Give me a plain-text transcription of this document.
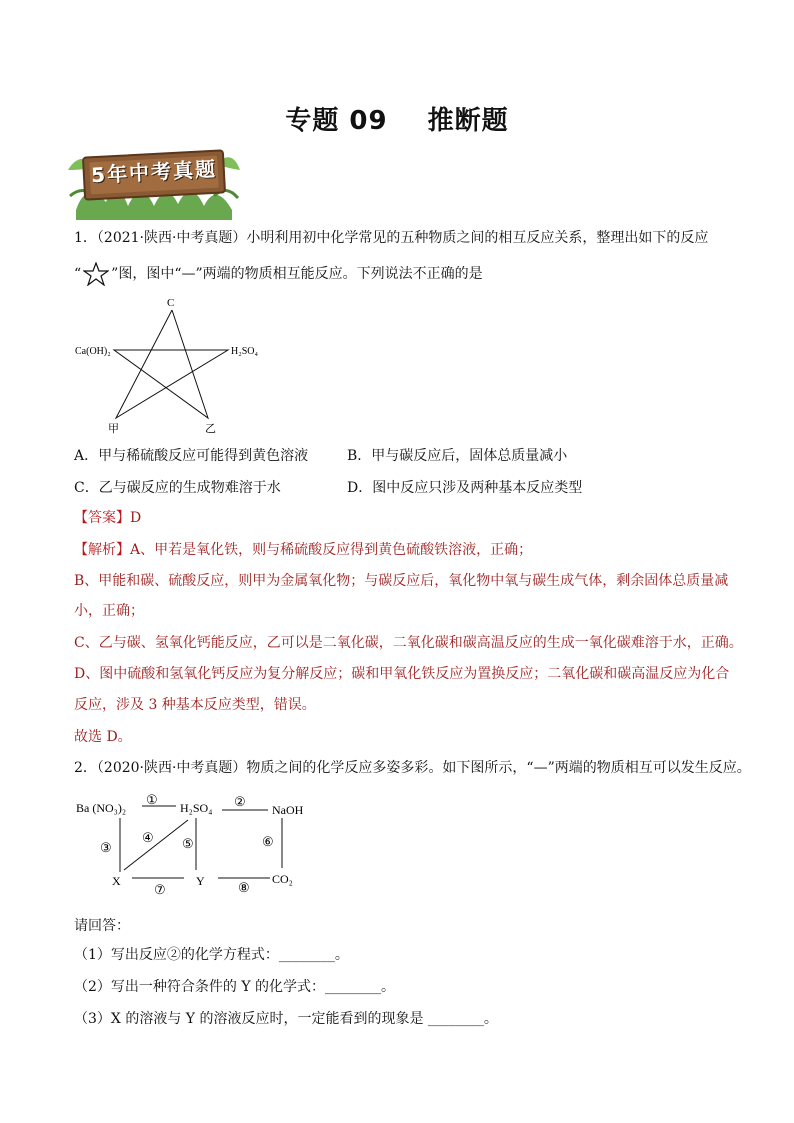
专题 09 推断题
5年中考真题
1．（2021·陕西·中考真题）小明利用初中化学常见的五种物质之间的相互反应关系，整理出如下的反应
“ ”图，图中“—”两端的物质相互能反应。下列说法不正确的是
C
Ca(OH)₂	H₂SO₄
甲	乙
A．甲与稀硫酸反应可能得到黄色溶液	B．甲与碳反应后，固体总质量减小
C．乙与碳反应的生成物难溶于水	D．图中反应只涉及两种基本反应类型
【答案】D
【解析】A、甲若是氧化铁，则与稀硫酸反应得到黄色硫酸铁溶液，正确；
B、甲能和碳、硫酸反应，则甲为金属氧化物；与碳反应后，氧化物中氧与碳生成气体，剩余固体总质量减
小，正确；
C、乙与碳、氢氧化钙能反应，乙可以是二氧化碳，二氧化碳和碳高温反应的生成一氧化碳难溶于水，正确。
D、图中硫酸和氢氧化钙反应为复分解反应；碳和甲氧化铁反应为置换反应；二氧化碳和碳高温反应为化合
反应，涉及 3 种基本反应类型，错误。
故选 D。
2．（2020·陕西·中考真题）物质之间的化学反应多姿多彩。如下图所示，“—”两端的物质相互可以发生反应。
Ba (NO₃)₂	H₂SO₄	NaOH
X	Y	CO₂
①	②
③
④ ⑤	⑥
⑦	⑧
请回答：
（1）写出反应②的化学方程式：________。
（2）写出一种符合条件的 Y 的化学式：________。
（3）X 的溶液与 Y 的溶液反应时，一定能看到的现象是 ________。
